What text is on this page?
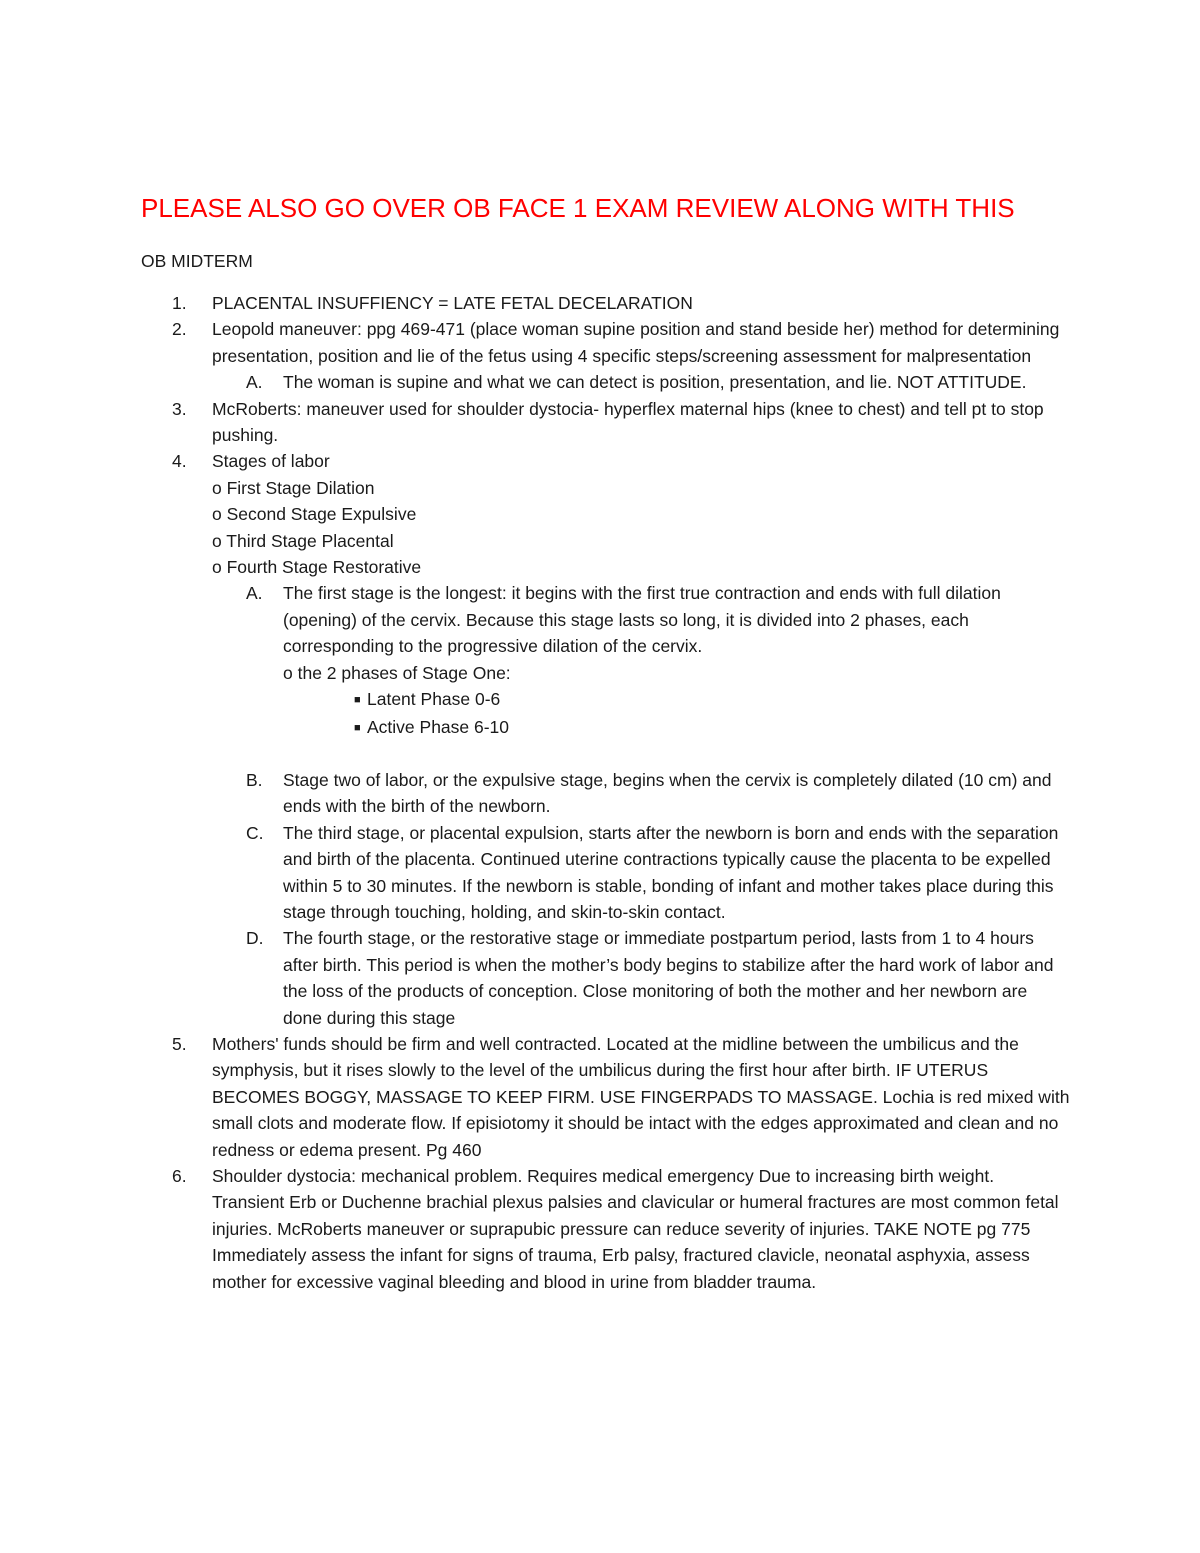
PLEASE ALSO GO OVER OB FACE 1 EXAM REVIEW ALONG WITH THIS
OB MIDTERM
1. PLACENTAL INSUFFIENCY = LATE FETAL DECELARATION
2. Leopold maneuver: ppg 469-471 (place woman supine position and stand beside her) method for determining presentation, position and lie of the fetus using 4 specific steps/screening assessment for malpresentation
A. The woman is supine and what we can detect is position, presentation, and lie. NOT ATTITUDE.
3. McRoberts: maneuver used for shoulder dystocia- hyperflex maternal hips (knee to chest) and tell pt to stop pushing.
4. Stages of labor
o First Stage Dilation
o Second Stage Expulsive
o Third Stage Placental
o Fourth Stage Restorative
A. The first stage is the longest: it begins with the first true contraction and ends with full dilation (opening) of the cervix. Because this stage lasts so long, it is divided into 2 phases, each corresponding to the progressive dilation of the cervix.
o the 2 phases of Stage One:
■ Latent Phase 0-6
■ Active Phase 6-10
B. Stage two of labor, or the expulsive stage, begins when the cervix is completely dilated (10 cm) and ends with the birth of the newborn.
C. The third stage, or placental expulsion, starts after the newborn is born and ends with the separation and birth of the placenta. Continued uterine contractions typically cause the placenta to be expelled within 5 to 30 minutes. If the newborn is stable, bonding of infant and mother takes place during this stage through touching, holding, and skin-to-skin contact.
D. The fourth stage, or the restorative stage or immediate postpartum period, lasts from 1 to 4 hours after birth. This period is when the mother’s body begins to stabilize after the hard work of labor and the loss of the products of conception. Close monitoring of both the mother and her newborn are done during this stage
5. Mothers' funds should be firm and well contracted. Located at the midline between the umbilicus and the symphysis, but it rises slowly to the level of the umbilicus during the first hour after birth. IF UTERUS BECOMES BOGGY, MASSAGE TO KEEP FIRM. USE FINGERPADS TO MASSAGE. Lochia is red mixed with small clots and moderate flow. If episiotomy it should be intact with the edges approximated and clean and no redness or edema present. Pg 460
6. Shoulder dystocia: mechanical problem. Requires medical emergency Due to increasing birth weight. Transient Erb or Duchenne brachial plexus palsies and clavicular or humeral fractures are most common fetal injuries. McRoberts maneuver or suprapubic pressure can reduce severity of injuries. TAKE NOTE pg 775 Immediately assess the infant for signs of trauma, Erb palsy, fractured clavicle, neonatal asphyxia, assess mother for excessive vaginal bleeding and blood in urine from bladder trauma.
